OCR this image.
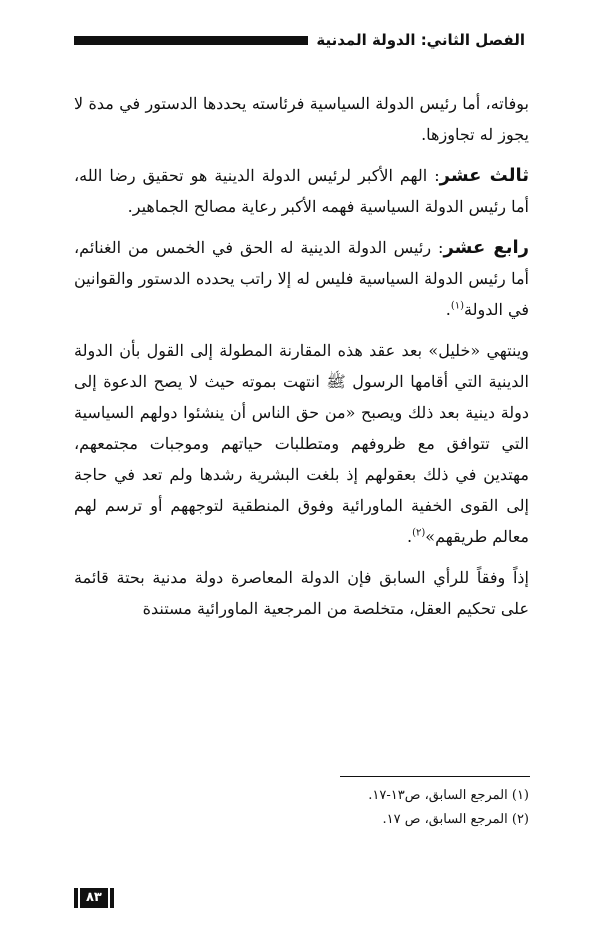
الفصل الثاني: الدولة المدنية

بوفاته، أما رئيس الدولة السياسية فرئاسته يحددها الدستور في مدة لا يجوز له تجاوزها.

ثالث عشر: الهم الأكبر لرئيس الدولة الدينية هو تحقيق رضا الله، أما رئيس الدولة السياسية فهمه الأكبر رعاية مصالح الجماهير.

رابع عشر: رئيس الدولة الدينية له الحق في الخمس من الغنائم، أما رئيس الدولة السياسية فليس له إلا راتب يحدده الدستور والقوانين في الدولة$^{(١)}$.

وينتهي «خليل» بعد عقد هذه المقارنة المطولة إلى القول بأن الدولة الدينية التي أقامها الرسول ﷺ انتهت بموته حيث لا يصح الدعوة إلى دولة دينية بعد ذلك ويصبح «من حق الناس أن ينشئوا دولهم السياسية التي تتوافق مع ظروفهم ومتطلبات حياتهم وموجبات مجتمعهم، مهتدين في ذلك بعقولهم إذ بلغت البشرية رشدها ولم تعد في حاجة إلى القوى الخفية الماورائية وفوق المنطقية لتوجههم أو ترسم لهم معالم طريقهم»$^{(٢)}$.

إذاً وفقاً للرأي السابق فإن الدولة المعاصرة دولة مدنية بحتة قائمة على تحكيم العقل، متخلصة من المرجعية الماورائية مستندة

(١) المرجع السابق، ص١٣-١٧.
(٢) المرجع السابق، ص ١٧.
٨٣
